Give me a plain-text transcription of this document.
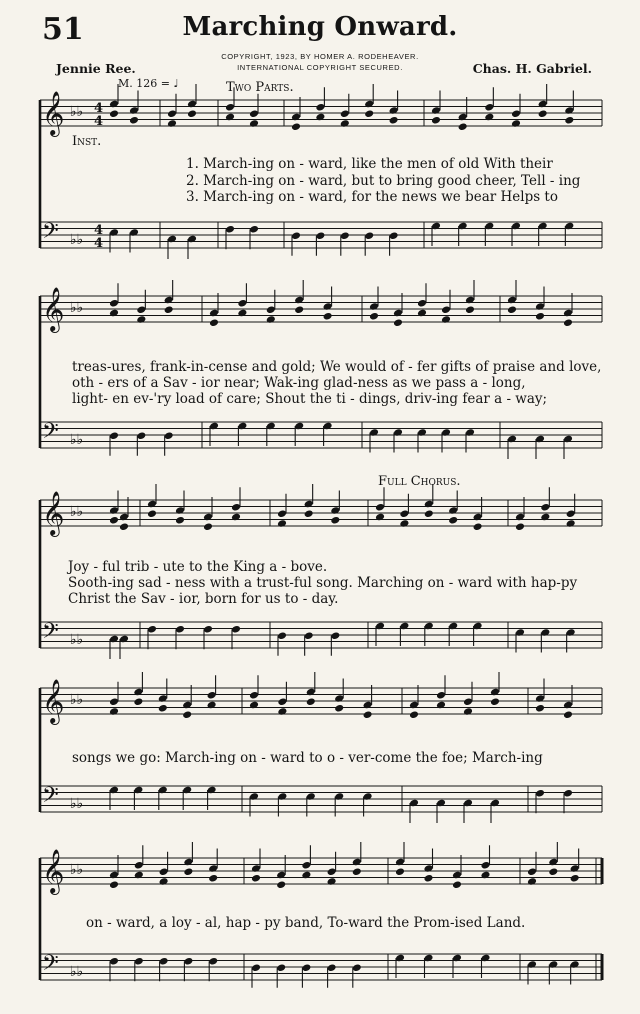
51	Marching Onward.
COPYRIGHT, 1923, BY HOMER A. RODEHEAVER.
INTERNATIONAL COPYRIGHT SECURED.
Jennie Ree.	Chas. H. Gabriel.
M. 126 = ♩	Two Parts.
Inst.
Full Chorus.
1. March-ing on - ward, like the men of old With their
2. March-ing on - ward, but to bring good cheer, Tell - ing
3. March-ing on - ward, for the news we bear Helps to
treas-ures, frank-in-cense and gold; We would of - fer gifts of praise and love,
oth - ers of a Sav - ior near; Wak-ing glad-ness as we pass a - long,
light- en ev-'ry load of care; Shout the ti - dings, driv-ing fear a - way;
Joy - ful trib - ute to the King a - bove.
Sooth-ing sad - ness with a trust-ful song. Marching on - ward with hap-py
Christ the Sav - ior, born for us to - day.
songs we go: March-ing on - ward to o - ver-come the foe; March-ing
on - ward, a loy - al, hap - py band, To-ward the Prom-ised Land.
𝄞 ♭♭
𝄢 ♭♭
𝄞 ♭♭
𝄢 ♭♭
𝄞 ♭♭
𝄢 ♭♭
𝄞 ♭♭
𝄢 ♭♭
𝄞 ♭♭
𝄢 ♭♭
4
4
4
4
